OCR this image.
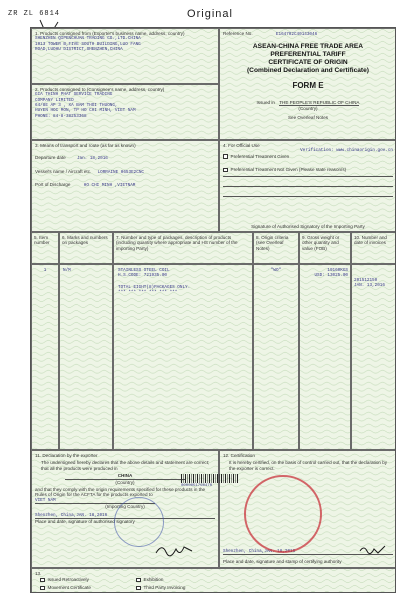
ZR ZL 6814	Original
1. Products consigned from (Exporter's business name, address, country)
SHENZHEN QIPENCHUAN TRADING CO.,LTD.CHINA
1013 TOWER B,FIVE SOUTH BUILDING,LUO FANG
ROAD,LUOHU DISTRICT,SHENZHEN,CHINA
2. Products consigned to (Consignee's name, address, country)
GIA THINH PHAT SERVICE TRADING
COMPANY LIMITED
64/8E AP 3 , XA BAM THOI THUONG,
HUYEN HOC MON, TP HO CHI MINH, VIET NAM
PHONE: 84-8-38253368
Reference No.	E164702C40143046
ASEAN-CHINA FREE TRADE AREA
PREFERENTIAL TARIFF
CERTIFICATE OF ORIGIN
(Combined Declaration and Certificate)
FORM E
Issued in THE PEOPLE'S REPUBLIC OF CHINA
(Country)
See Overleaf Notes
3. Means of transport and route (as far as known)
Departure date	Jan. 18,2016
Vessel's name / Aircraft etc. LORRAINE 0653E2CNC
Port of Discharge	HO CHI MINH ,VIETNAM
4. For Official Use
Verification: www.chinaorigin.gov.cn
Preferential Treatment Given
Preferential Treatment Not Given (Please state reason/s)
Signature of Authorised Signatory of the Importing Party
5. Item number
6. Marks and numbers on packages
7. Number and type of packages, description of products (including quantity where appropriate and HS number of the importing Party)
8. Origin criteria (see Overleaf Notes)
9. Gross weight or other quantity and value (FOB)
10. Number and date of invoices
1	N/M	STAINLESS STEEL COIL
H.S.CODE: 721935.00
TOTAL EIGHT(8)PACKAGES ONLY.
*** *** *** *** *** ***
"WO"	19160KGS
USD: 13025.00
201512150
JAN. 13,2016
11. Declaration by the exporter
The undersigned hereby declares that the above details and statement are correct; that all the products were produced in
CHINA
(Country)
and that they comply with the origin requirements specified for these products in the Rules of Origin for the ACFTA for the products exported to
VIET NAM
(Importing Country)
Shenzhen, China,JAN. 18,2016
Place and date, signature of authorised signatory
12. Certification
It is hereby certified, on the basis of control carried out, that the declaration by the exporter is correct.
Shenzhen, China,JAN. 18,2016
Place and date, signature and stamp of certifying authority
0000051760470
13.
Issued Retroactively	Exhibition
Movement Certificate	Third Party Invoicing
